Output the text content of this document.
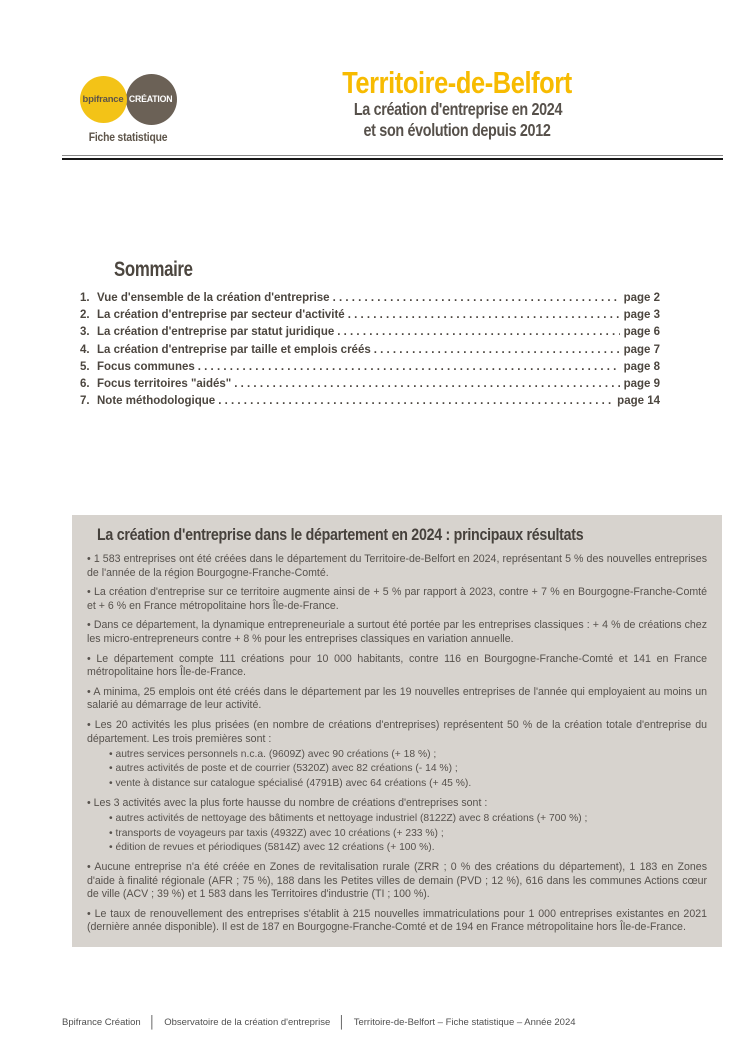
bpifrance CRÉATION
Fiche statistique
Territoire-de-Belfort
La création d'entreprise en 2024
et son évolution depuis 2012
Sommaire
1. Vue d'ensemble de la création d'entreprise . . .	page 2
2. La création d'entreprise par secteur d'activité . . .	page 3
3. La création d'entreprise par statut juridique . . .	page 6
4. La création d'entreprise par taille et emplois créés . . .	page 7
5. Focus communes . . .	page 8
6. Focus territoires "aidés" . . .	page 9
7. Note méthodologique . . .	page 14
La création d'entreprise dans le département en 2024 : principaux résultats

• 1 583 entreprises ont été créées dans le département du Territoire-de-Belfort en 2024, représentant 5 % des nouvelles entreprises de l'année de la région Bourgogne-Franche-Comté.

• La création d'entreprise sur ce territoire augmente ainsi de + 5 % par rapport à 2023, contre + 7 % en Bourgogne-Franche-Comté et + 6 % en France métropolitaine hors Île-de-France.

• Dans ce département, la dynamique entrepreneuriale a surtout été portée par les entreprises classiques : + 4 % de créations chez les micro-entrepreneurs contre + 8 % pour les entreprises classiques en variation annuelle.

• Le département compte 111 créations pour 10 000 habitants, contre 116 en Bourgogne-Franche-Comté et 141 en France métropolitaine hors Île-de-France.

• A minima, 25 emplois ont été créés dans le département par les 19 nouvelles entreprises de l'année qui employaient au moins un salarié au démarrage de leur activité.

• Les 20 activités les plus prisées (en nombre de créations d'entreprises) représentent 50 % de la création totale d'entreprise du département. Les trois premières sont :

• autres services personnels n.c.a. (9609Z) avec 90 créations (+ 18 %) ;
• autres activités de poste et de courrier (5320Z) avec 82 créations (- 14 %) ;
• vente à distance sur catalogue spécialisé (4791B) avec 64 créations (+ 45 %).

• Les 3 activités avec la plus forte hausse du nombre de créations d'entreprises sont :

• autres activités de nettoyage des bâtiments et nettoyage industriel (8122Z) avec 8 créations (+ 700 %) ;
• transports de voyageurs par taxis (4932Z) avec 10 créations (+ 233 %) ;
• édition de revues et périodiques (5814Z) avec 12 créations (+ 100 %).

• Aucune entreprise n'a été créée en Zones de revitalisation rurale (ZRR ; 0 % des créations du département), 1 183 en Zones d'aide à finalité régionale (AFR ; 75 %), 188 dans les Petites villes de demain (PVD ; 12 %), 616 dans les communes Actions cœur de ville (ACV ; 39 %) et 1 583 dans les Territoires d'industrie (TI ; 100 %).

• Le taux de renouvellement des entreprises s'établit à 215 nouvelles immatriculations pour 1 000 entreprises existantes en 2021 (dernière année disponible). Il est de 187 en Bourgogne-Franche-Comté et de 194 en France métropolitaine hors Île-de-France.

Bpifrance Création │ Observatoire de la création d'entreprise │ Territoire-de-Belfort – Fiche statistique – Année 2024
